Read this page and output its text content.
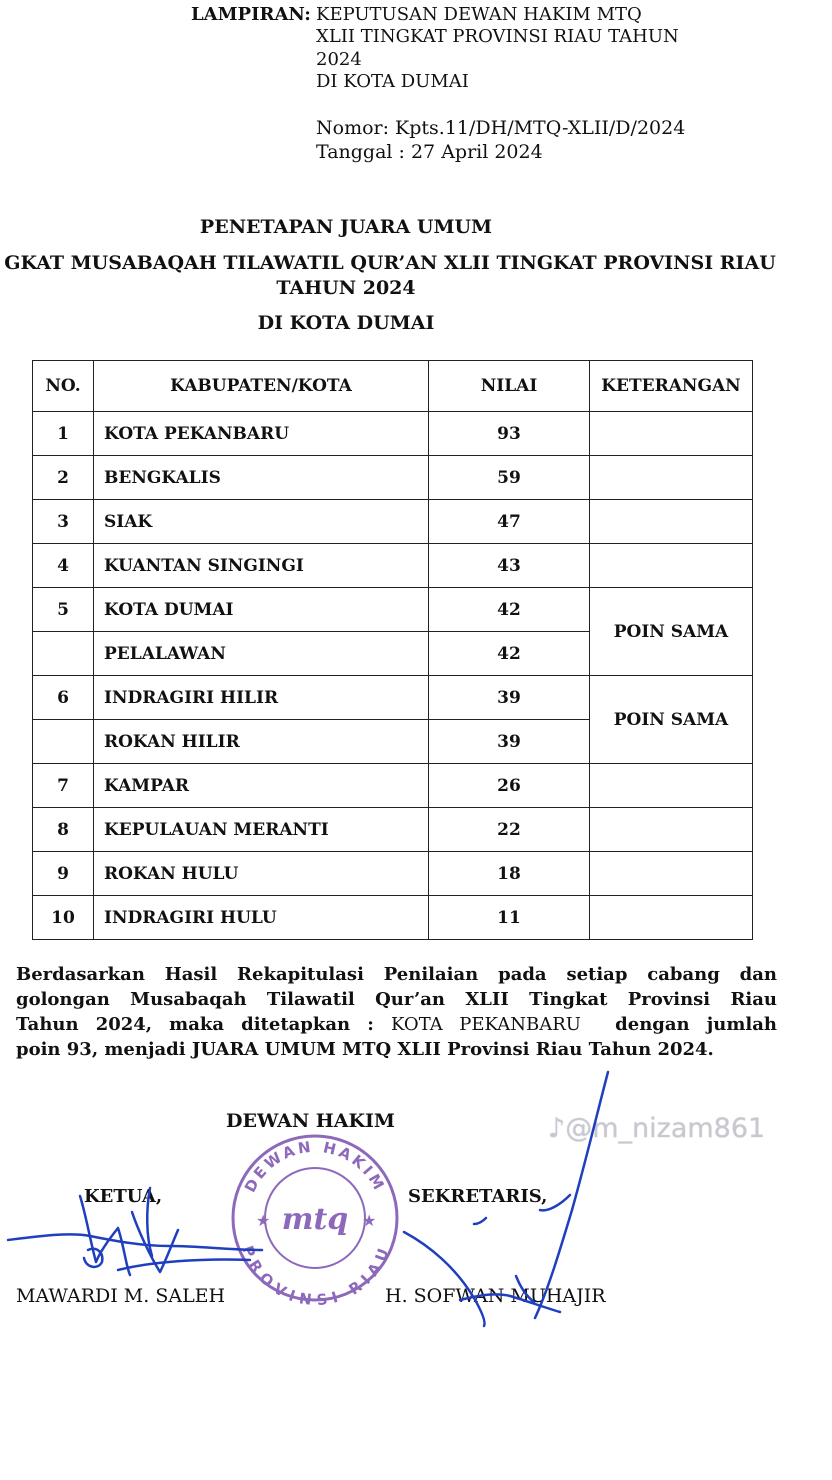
LAMPIRAN: KEPUTUSAN DEWAN HAKIM MTQ
XLII TINGKAT PROVINSI RIAU TAHUN
2024
DI KOTA DUMAI
Nomor: Kpts.11/DH/MTQ-XLII/D/2024
Tanggal : 27 April 2024
PENETAPAN JUARA UMUM
GKAT MUSABAQAH TILAWATIL QUR’AN XLII TINGKAT PROVINSI RIAU
TAHUN 2024
DI KOTA DUMAI
NO.	KABUPATEN/KOTA	NILAI	KETERANGAN
1	KOTA PEKANBARU	93	
2	BENGKALIS	59	
3	SIAK	47	
4	KUANTAN SINGINGI	43	
5	KOTA DUMAI	42	POIN SAMA
	PELALAWAN	42	
6	INDRAGIRI HILIR	39	POIN SAMA
	ROKAN HILIR	39	
7	KAMPAR	26	
8	KEPULAUAN MERANTI	22	
9	ROKAN HULU	18	
10	INDRAGIRI HULU	11	
Berdasarkan Hasil Rekapitulasi Penilaian pada setiap cabang dan
golongan Musabaqah Tilawatil Qur’an XLII Tingkat Provinsi Riau
Tahun 2024, maka ditetapkan : KOTA PEKANBARU dengan jumlah
poin 93, menjadi JUARA UMUM MTQ XLII Provinsi Riau Tahun 2024.
DEWAN HAKIM
KETUA,	SEKRETARIS,
MAWARDI M. SALEH	H. SOFWAN MUHAJIR
♪@m_nizam861
DEWAN HAKIM
PROVINSI RIAU
mtq
★	★
